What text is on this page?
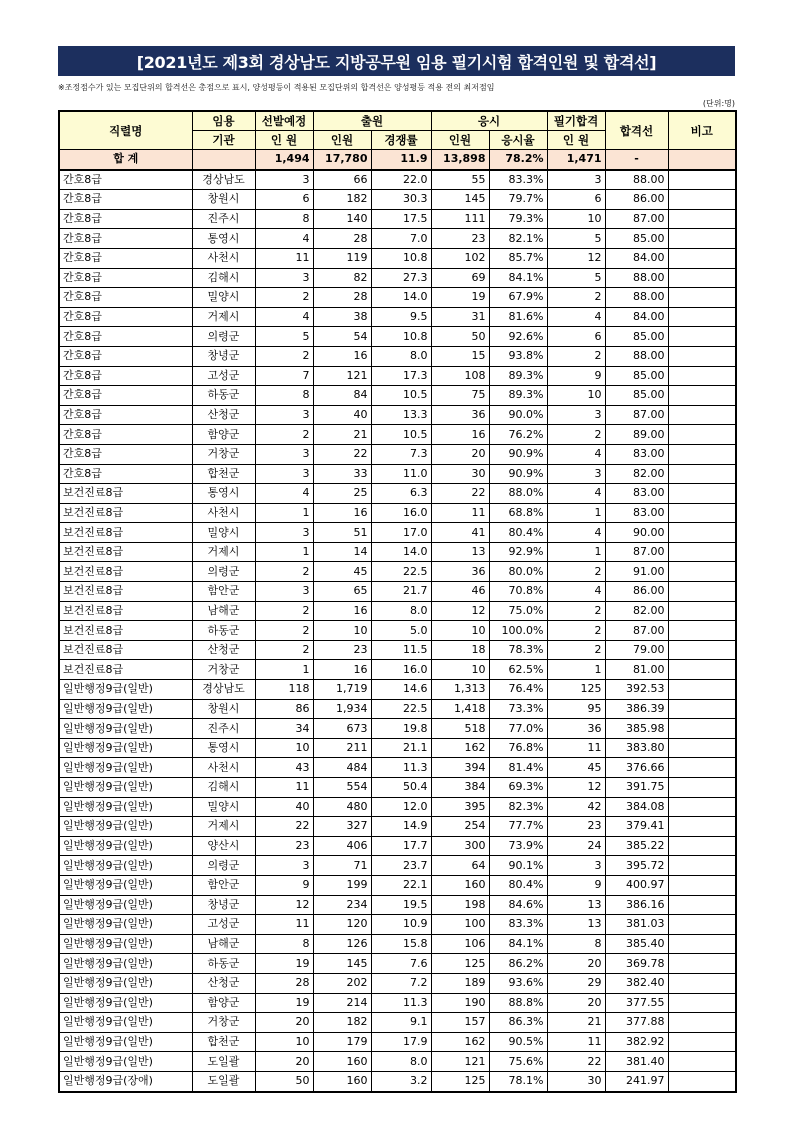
[2021년도 제3회 경상남도 지방공무원 임용 필기시험 합격인원 및 합격선]
※조정점수가 있는 모집단위의 합격선은 총점으로 표시, 양성평등이 적용된 모집단위의 합격선은 양성평등 적용 전의 최저점임
(단위:명)
직렬명	임용	선발예정	출원		응시		필기합격	합격선	비고
	기관	인 원	인원	경쟁률	인원	응시율	인 원		
합 계		1,494	17,780	11.9	13,898	78.2%	1,471	-	
간호8급	경상남도	3	66	22.0	55	83.3%	3	88.00	
간호8급	창원시	6	182	30.3	145	79.7%	6	86.00	
간호8급	진주시	8	140	17.5	111	79.3%	10	87.00	
간호8급	통영시	4	28	7.0	23	82.1%	5	85.00	
간호8급	사천시	11	119	10.8	102	85.7%	12	84.00	
간호8급	김해시	3	82	27.3	69	84.1%	5	88.00	
간호8급	밀양시	2	28	14.0	19	67.9%	2	88.00	
간호8급	거제시	4	38	9.5	31	81.6%	4	84.00	
간호8급	의령군	5	54	10.8	50	92.6%	6	85.00	
간호8급	창녕군	2	16	8.0	15	93.8%	2	88.00	
간호8급	고성군	7	121	17.3	108	89.3%	9	85.00	
간호8급	하동군	8	84	10.5	75	89.3%	10	85.00	
간호8급	산청군	3	40	13.3	36	90.0%	3	87.00	
간호8급	함양군	2	21	10.5	16	76.2%	2	89.00	
간호8급	거창군	3	22	7.3	20	90.9%	4	83.00	
간호8급	합천군	3	33	11.0	30	90.9%	3	82.00	
보건진료8급	통영시	4	25	6.3	22	88.0%	4	83.00	
보건진료8급	사천시	1	16	16.0	11	68.8%	1	83.00	
보건진료8급	밀양시	3	51	17.0	41	80.4%	4	90.00	
보건진료8급	거제시	1	14	14.0	13	92.9%	1	87.00	
보건진료8급	의령군	2	45	22.5	36	80.0%	2	91.00	
보건진료8급	함안군	3	65	21.7	46	70.8%	4	86.00	
보건진료8급	남해군	2	16	8.0	12	75.0%	2	82.00	
보건진료8급	하동군	2	10	5.0	10	100.0%	2	87.00	
보건진료8급	산청군	2	23	11.5	18	78.3%	2	79.00	
보건진료8급	거창군	1	16	16.0	10	62.5%	1	81.00	
일반행정9급(일반)	경상남도	118	1,719	14.6	1,313	76.4%	125	392.53	
일반행정9급(일반)	창원시	86	1,934	22.5	1,418	73.3%	95	386.39	
일반행정9급(일반)	진주시	34	673	19.8	518	77.0%	36	385.98	
일반행정9급(일반)	통영시	10	211	21.1	162	76.8%	11	383.80	
일반행정9급(일반)	사천시	43	484	11.3	394	81.4%	45	376.66	
일반행정9급(일반)	김해시	11	554	50.4	384	69.3%	12	391.75	
일반행정9급(일반)	밀양시	40	480	12.0	395	82.3%	42	384.08	
일반행정9급(일반)	거제시	22	327	14.9	254	77.7%	23	379.41	
일반행정9급(일반)	양산시	23	406	17.7	300	73.9%	24	385.22	
일반행정9급(일반)	의령군	3	71	23.7	64	90.1%	3	395.72	
일반행정9급(일반)	함안군	9	199	22.1	160	80.4%	9	400.97	
일반행정9급(일반)	창녕군	12	234	19.5	198	84.6%	13	386.16	
일반행정9급(일반)	고성군	11	120	10.9	100	83.3%	13	381.03	
일반행정9급(일반)	남해군	8	126	15.8	106	84.1%	8	385.40	
일반행정9급(일반)	하동군	19	145	7.6	125	86.2%	20	369.78	
일반행정9급(일반)	산청군	28	202	7.2	189	93.6%	29	382.40	
일반행정9급(일반)	함양군	19	214	11.3	190	88.8%	20	377.55	
일반행정9급(일반)	거창군	20	182	9.1	157	86.3%	21	377.88	
일반행정9급(일반)	합천군	10	179	17.9	162	90.5%	11	382.92	
일반행정9급(일반)	도일괄	20	160	8.0	121	75.6%	22	381.40	
일반행정9급(장애)	도일괄	50	160	3.2	125	78.1%	30	241.97	
